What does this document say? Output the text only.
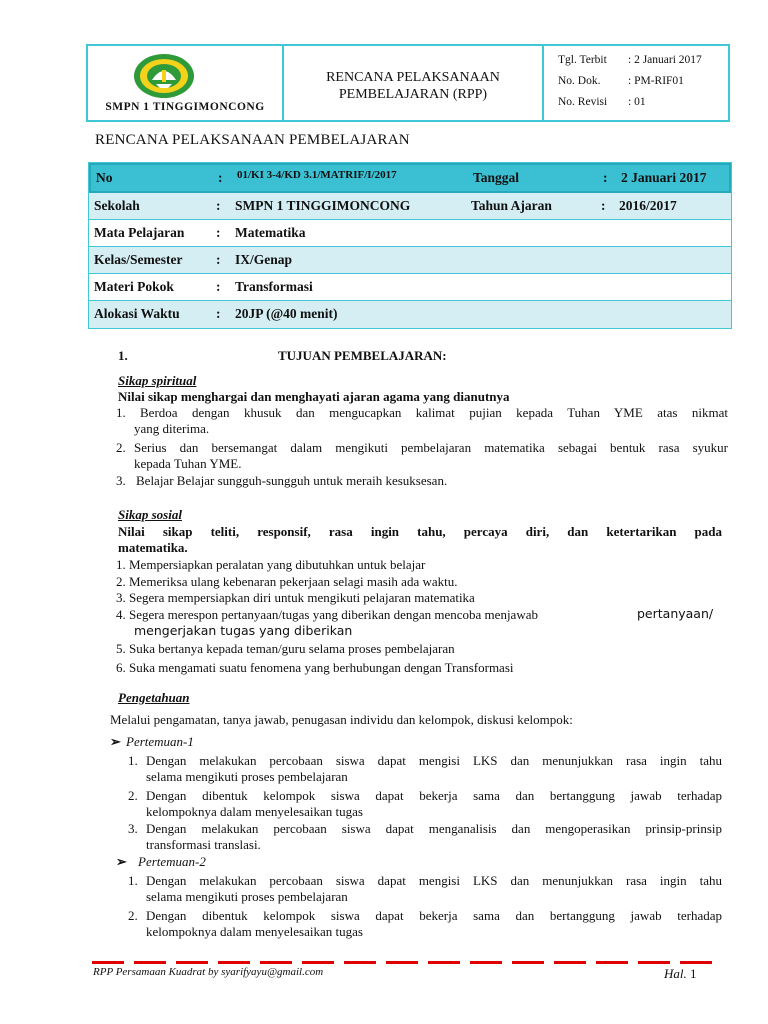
SMPN 1 TINGGIMONCONG
RENCANA PELAKSANAAN
PEMBELAJARAN (RPP)
Tgl. Terbit : 2 Januari 2017
No. Dok. : PM-RIF01
No. Revisi : 01
RENCANA PELAKSANAAN PEMBELAJARAN
No	: 01/KI 3-4/KD 3.1/MATRIF/I/2017	Tanggal	: 2 Januari 2017
Sekolah	: SMPN 1 TINGGIMONCONG	Tahun Ajaran	: 2016/2017
Mata Pelajaran : Matematika
Kelas/Semester : IX/Genap
Materi Pokok	: Transformasi
Alokasi Waktu	: 20JP (@40 menit)
1.	TUJUAN PEMBELAJARAN:
Sikap spiritual
Nilai sikap menghargai dan menghayati ajaran agama yang dianutnya
1. Berdoa dengan khusuk dan mengucapkan kalimat pujian kepada Tuhan YME atas nikmat
yang diterima.
2. Serius dan bersemangat dalam mengikuti pembelajaran matematika sebagai bentuk rasa syukur
kepada Tuhan YME.
3. Belajar Belajar sungguh-sungguh untuk meraih kesuksesan.
Sikap sosial
Nilai sikap teliti, responsif, rasa ingin tahu, percaya diri, dan ketertarikan pada
matematika.
1. Mempersiapkan peralatan yang dibutuhkan untuk belajar
2. Memeriksa ulang kebenaran pekerjaan selagi masih ada waktu.
3. Segera mempersiapkan diri untuk mengikuti pelajaran matematika
4. Segera merespon pertanyaan/tugas yang diberikan dengan mencoba menjawab	pertanyaan/
mengerjakan tugas yang diberikan
5. Suka bertanya kepada teman/guru selama proses pembelajaran
6. Suka mengamati suatu fenomena yang berhubungan dengan Transformasi
Pengetahuan
Melalui pengamatan, tanya jawab, penugasan individu dan kelompok, diskusi kelompok:
➢ Pertemuan-1
1. Dengan melakukan percobaan siswa dapat mengisi LKS dan menunjukkan rasa ingin tahu
selama mengikuti proses pembelajaran
2. Dengan dibentuk kelompok siswa dapat bekerja sama dan bertanggung jawab terhadap
kelompoknya dalam menyelesaikan tugas
3. Dengan melakukan percobaan siswa dapat menganalisis dan mengoperasikan prinsip-prinsip
transformasi translasi.
➢ Pertemuan-2
1. Dengan melakukan percobaan siswa dapat mengisi LKS dan menunjukkan rasa ingin tahu
selama mengikuti proses pembelajaran
2. Dengan dibentuk kelompok siswa dapat bekerja sama dan bertanggung jawab terhadap
kelompoknya dalam menyelesaikan tugas
RPP Persamaan Kuadrat by syarifyayu@gmail.com	Hal. 1
